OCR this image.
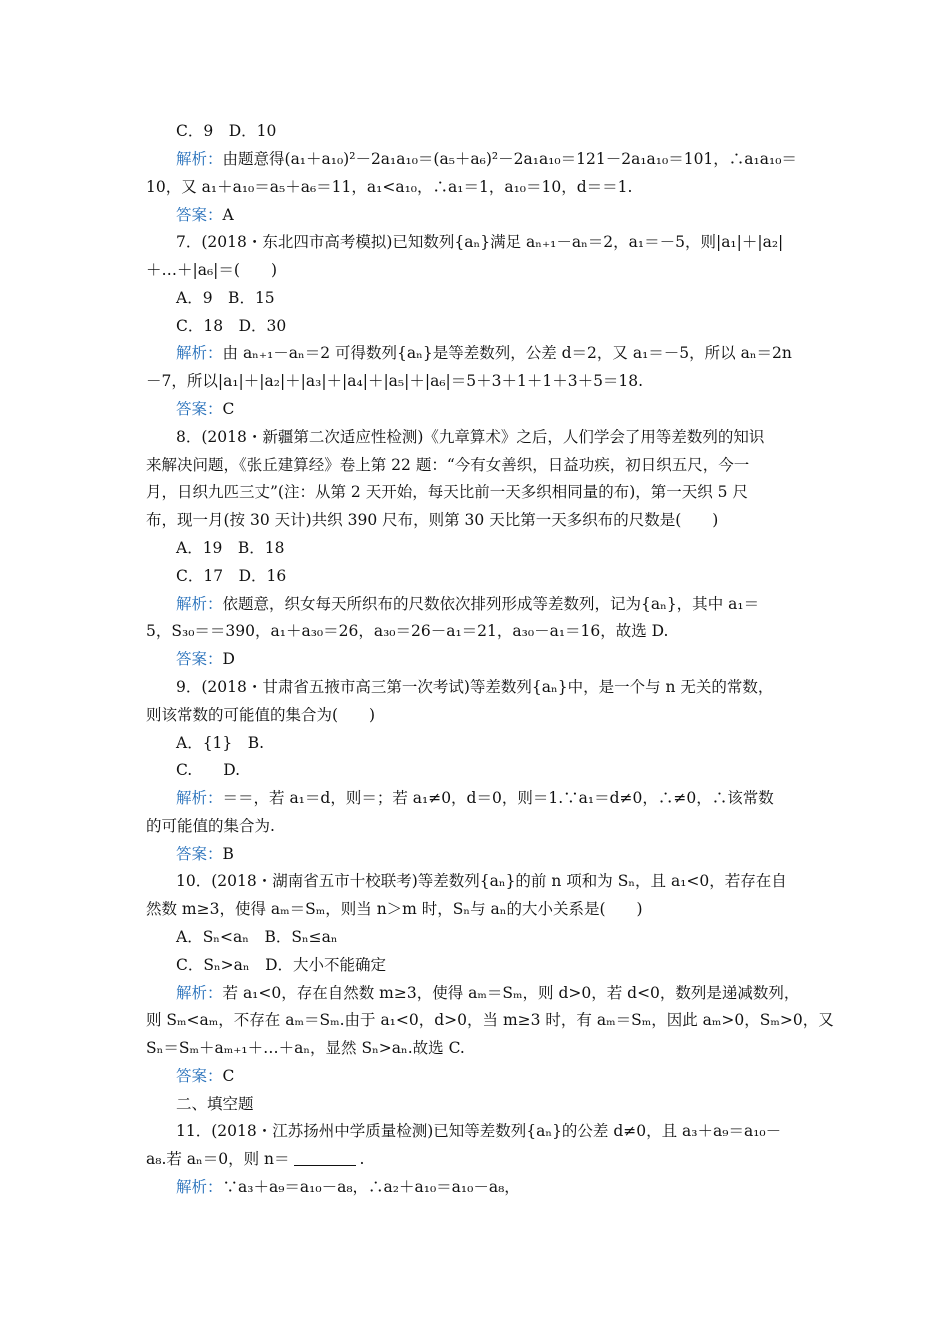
C．9　D．10
解析：由题意得(a₁＋a₁₀)²－2a₁a₁₀＝(a₅＋a₆)²－2a₁a₁₀＝121－2a₁a₁₀＝101，∴a₁a₁₀＝
10，又 a₁＋a₁₀＝a₅＋a₆＝11，a₁<a₁₀，∴a₁＝1，a₁₀＝10，d＝＝1.
答案：A
7．(2018・东北四市高考模拟)已知数列{aₙ}满足 aₙ₊₁－aₙ＝2，a₁＝－5，则|a₁|＋|a₂|
＋…＋|a₆|＝(　　)
A．9　B．15
C．18　D．30
解析：由 aₙ₊₁－aₙ＝2 可得数列{aₙ}是等差数列，公差 d＝2，又 a₁＝－5，所以 aₙ＝2n
－7，所以|a₁|＋|a₂|＋|a₃|＋|a₄|＋|a₅|＋|a₆|＝5＋3＋1＋1＋3＋5＝18.
答案：C
8．(2018・新疆第二次适应性检测)《九章算术》之后，人们学会了用等差数列的知识
来解决问题，《张丘建算经》卷上第 22 题：“今有女善织，日益功疾，初日织五尺，今一
月，日织九匹三丈”(注：从第 2 天开始，每天比前一天多织相同量的布)，第一天织 5 尺
布，现一月(按 30 天计)共织 390 尺布，则第 30 天比第一天多织布的尺数是(　　)
A．19　B．18
C．17　D．16
解析：依题意，织女每天所织布的尺数依次排列形成等差数列，记为{aₙ}，其中 a₁＝
5，S₃₀＝＝390，a₁＋a₃₀＝26，a₃₀＝26－a₁＝21，a₃₀－a₁＝16，故选 D.
答案：D
9．(2018・甘肃省五掖市高三第一次考试)等差数列{aₙ}中，是一个与 n 无关的常数，
则该常数的可能值的集合为(　　)
A．{1}　B.
C.　　D.
解析：＝＝，若 a₁＝d，则＝；若 a₁≠0，d＝0，则＝1.∵a₁＝d≠0，∴≠0，∴该常数
的可能值的集合为.
答案：B
10．(2018・湖南省五市十校联考)等差数列{aₙ}的前 n 项和为 Sₙ，且 a₁<0，若存在自
然数 m≥3，使得 aₘ＝Sₘ，则当 n＞m 时，Sₙ与 aₙ的大小关系是(　　)
A．Sₙ<aₙ　B．Sₙ≤aₙ
C．Sₙ>aₙ　D．大小不能确定
解析：若 a₁<0，存在自然数 m≥3，使得 aₘ＝Sₘ，则 d>0，若 d<0，数列是递减数列，
则 Sₘ<aₘ，不存在 aₘ＝Sₘ.由于 a₁<0，d>0，当 m≥3 时，有 aₘ＝Sₘ，因此 aₘ>0，Sₘ>0，又
Sₙ＝Sₘ＋aₘ₊₁＋…＋aₙ，显然 Sₙ>aₙ.故选 C.
答案：C
二、填空题
11．(2018・江苏扬州中学质量检测)已知等差数列{aₙ}的公差 d≠0，且 a₃＋a₉＝a₁₀－
a₈.若 aₙ＝0，则 n＝	.
解析：∵a₃＋a₉＝a₁₀－a₈，∴a₂＋a₁₀＝a₁₀－a₈，
